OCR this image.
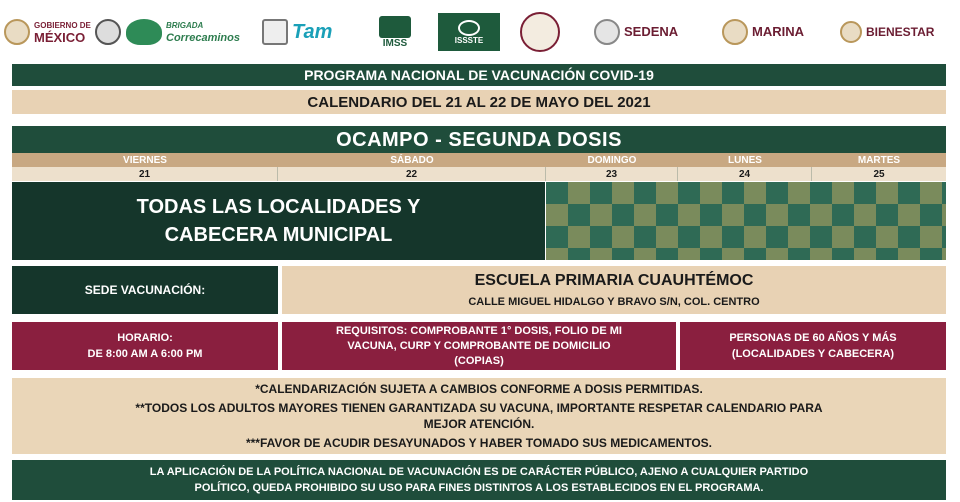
GOBIERNO DE
MÉXICO
BRIGADA
Correcaminos	Tam
IMSS	ISSSTE
SEDENA	MARINA	BIENESTAR
PROGRAMA NACIONAL DE VACUNACIÓN COVID-19
CALENDARIO DEL 21 AL 22 DE MAYO DEL 2021
OCAMPO - SEGUNDA DOSIS
VIERNES	SÁBADO	DOMINGO	LUNES	MARTES
21	22	23	24	25
TODAS LAS LOCALIDADES Y
CABECERA MUNICIPAL
SEDE VACUNACIÓN:
ESCUELA PRIMARIA CUAUHTÉMOC
CALLE MIGUEL HIDALGO Y BRAVO S/N, COL. CENTRO
HORARIO:
DE 8:00 AM A 6:00 PM
REQUISITOS: COMPROBANTE 1° DOSIS, FOLIO DE MI
VACUNA, CURP Y COMPROBANTE DE DOMICILIO
(COPIAS)
PERSONAS DE 60 AÑOS Y MÁS
(LOCALIDADES Y CABECERA)
*CALENDARIZACIÓN SUJETA A CAMBIOS CONFORME A DOSIS PERMITIDAS.
**TODOS LOS ADULTOS MAYORES TIENEN GARANTIZADA SU VACUNA, IMPORTANTE RESPETAR CALENDARIO PARA
MEJOR ATENCIÓN.
***FAVOR DE ACUDIR DESAYUNADOS Y HABER TOMADO SUS MEDICAMENTOS.
LA APLICACIÓN DE LA POLÍTICA NACIONAL DE VACUNACIÓN ES DE CARÁCTER PÚBLICO, AJENO A CUALQUIER PARTIDO
POLÍTICO, QUEDA PROHIBIDO SU USO PARA FINES DISTINTOS A LOS ESTABLECIDOS EN EL PROGRAMA.
